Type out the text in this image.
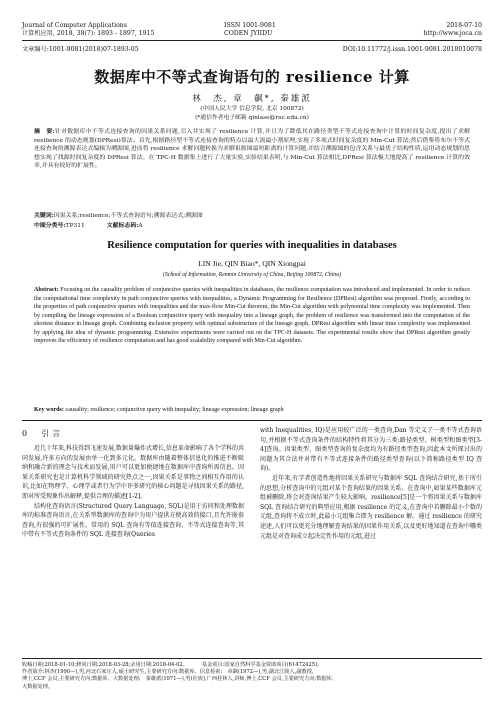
Journal of Computer Applications
计算机应用, 2018, 38(7): 1893 - 1897, 1915
ISSN 1001-9081
CODEN JYIIDU
2018-07-10
http://www.joca.cn
文章编号:1001-9081(2018)07-1893-05	DOI:10.11772/j.issn.1001-9081.2018010078
数据库中不等式查询语句的 resilience 计算
林　杰, 章　飙*, 秦雄派
(中国人民大学 信息学院, 北京 100872)
(*通信作者电子邮箱 qinlase@ruc.edu.cn)
摘　要:针对数据库中不等式连接查询的因果关系问题,引入并实现了 resilience 计算,并且为了降低其在路径类型不等式连接查询中计算的时间复杂度,提出了求解 resilience 的动态规划(DPResi)算法。首先,根据路径型不等式连接查询的特点以最大流最小割原理,实现了多项式时间复杂度的 Min-Cut 算法;然后借鉴将布尔不等式连接查询的溯源表达式编辑为溯源图,进而将 resilience 求解问题转换为求解祖源图最短距离的计算问题,并结合溯源图的包含关系与最优子结构性质,运用动态规划的思想实现了找源时间复杂度的 DPResi 算法。在 TPC-H 数据集上进行了大量实验,实验结果表明,与 Min-Cut 算法相比,DPResi 算法极大地提高了 resilience 计算的效率,并具有较好的扩展性。
关键词:因果关系;resilience;不等式查询语句;溯源表达式;溯源图
中图分类号:TP311	文献标志码:A
Resilience computation for queries with inequalities in databases
LIN Jie, QIN Biao*, QIN Xiongpai
(School of Information, Renmin University of China, Beijing 100872, China)
Abstract: Focusing on the causality problem of conjunctive queries with inequalities in databases, the resilience computation was introduced and implemented. In order to reduce the computational time complexity in path conjunctive queries with inequalities, a Dynamic Programming for Resilience (DPResi) algorithm was proposed. Firstly, according to the properties of path conjunctive queries with inequalities and the max-flow Min-Cut theorem, the Min-Cut algorithm with polynomial time complexity was implemented. Then by compiling the lineage expression of a Boolean conjunctive query with inequality into a lineage graph, the problem of resilience was transformed into the computation of the shortest distance in lineage graph. Combining inclusion property with optimal substructure of the lineage graph, DPResi algorithm with linear time complexity was implemented by applying the idea of dynamic programming. Extensive experiments were carried out on the TPC-H datasets. The experimental results show that DPResi algorithm greatly improves the efficiency of resilience computation and has good scalability compared with Min-Cut algorithm.
Key words: causality; resilience; conjunctive query with inequality; lineage expression; lineage graph
0　引言
近几十年来,科技得到飞速发展,数据量爆炸式增长,信息革命影响了各个学科的共同发展,许多方向的发展由单一化到多元化。数据库由随着整体信息化的推进不断吸纳和融合新的理念与技术而发展,用户可以更加便捷地在数据库中查询所需信息。因果关系研究也是计算机科学领域的研究热点之一,因果关系是事物之间相互作用的认识,比如在物理学、心理学或者行为学中许多研究的核心问题是寻找因果关系的路径,即对所受现象作出解释,提供合理的描述[1-2]。
结构化查询语言(Structured Query Language, SQL)是用于访问和处理数据库的标准查询语言,在关系型数据库的查询中为用户提供方便高效的接口,且允许嵌套查询,有很强的可扩展性。常用的 SQL 查询有等值连接查询、不等式连接查询等,其中带有不等式查询条件的 SQL 连接查询(Queries
with Inequalities, IQ)是应用较广泛的一类查询,Dan 等定义了一类不等式查询语句,并根据不等式查询条件的结构特性将其分为三类:路径类型、树类型和图类型[3-4]查询。因果类型、图类型查询的复杂度均为有路径类型查询,因此本文所探讨出的问题为其合法并对带有不等式连接条件的路径类型查询(以下简称路径类型 IQ 查询)。
近年来,有学者创造性地将因果关系研究与数据库 SQL 查询结合研究,基于所引的思想,分析查询中的元组对某个查询结果的因果关系。在查询中,如果某些数据库元组被删除,将会对查询结果产生较大影响。resilience[5]是一个将因果关系与数据库 SQL 查询结合研究的典型应用,根据 resilience 的定义,在查询中若删除最小个数的元组,查询将不成立时,此最小元组集合即为 resilience 解。通过 resilience 的研究途述,人们可以更充分地理解查询结果的因果作用关系,以及更好地知道在查询中哪类元组是对查询成立起决定性作用的元组,进过
收稿日期:2018-01-10;修回日期:2018-03-28;录用日期:2018-04-02。	基金项目:国家自然科学基金资助项目(61472425)。
作者简介:林杰(1990—),男,河北石家庄人,硕士研究生,主要研究方向:数据库、信息检索;　章飙(1972—),男,湖北江陵人,副教授,
博士,CCF 会员,主要研究方向:数据库、大数据处理;　秦雄派(1971—),男(壮族),广西桂林人,讲师,博士,CCF 会员,主要研究方向:数据库、
大数据处理。
